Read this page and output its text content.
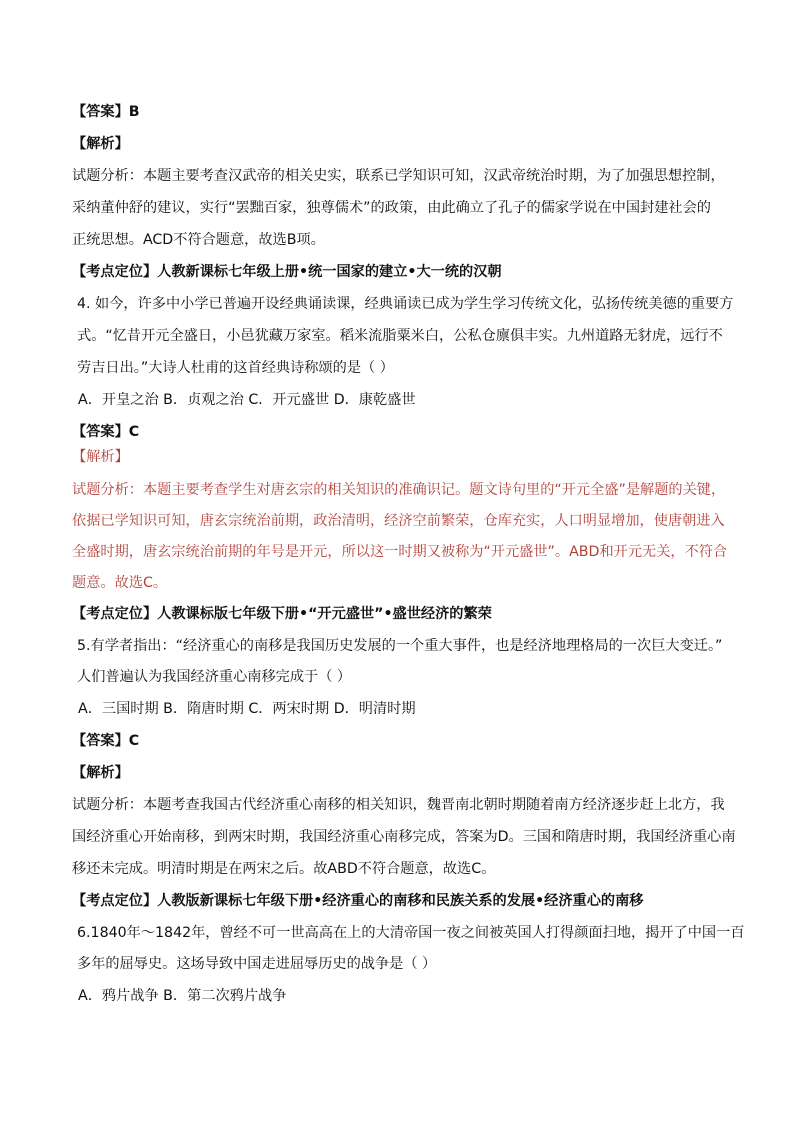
【答案】B
【解析】
试题分析：本题主要考查汉武帝的相关史实，联系已学知识可知，汉武帝统治时期，为了加强思想控制，
采纳董仲舒的建议，实行“罢黜百家，独尊儒术”的政策，由此确立了孔子的儒家学说在中国封建社会的
正统思想。ACD不符合题意，故选B项。
【考点定位】人教新课标七年级上册•统一国家的建立•大一统的汉朝
4. 如今，许多中小学已普遍开设经典诵读课，经典诵读已成为学生学习传统文化，弘扬传统美德的重要方
式。“忆昔开元全盛日，小邑犹藏万家室。稻米流脂粟米白，公私仓廪俱丰实。九州道路无豺虎，远行不
劳吉日出。”大诗人杜甫的这首经典诗称颂的是（ ）
A．开皇之治 B．贞观之治 C．开元盛世 D．康乾盛世
【答案】C
【解析】
试题分析：本题主要考查学生对唐玄宗的相关知识的准确识记。题文诗句里的“开元全盛”是解题的关键，
依据已学知识可知，唐玄宗统治前期，政治清明，经济空前繁荣，仓库充实，人口明显增加，使唐朝进入
全盛时期，唐玄宗统治前期的年号是开元，所以这一时期又被称为“开元盛世”。ABD和开元无关，不符合
题意。故选C。
【考点定位】人教课标版七年级下册•“开元盛世”•盛世经济的繁荣
5.有学者指出：“经济重心的南移是我国历史发展的一个重大事件，也是经济地理格局的一次巨大变迁。”
人们普遍认为我国经济重心南移完成于（ ）
A．三国时期 B．隋唐时期 C．两宋时期 D．明清时期
【答案】C
【解析】
试题分析：本题考查我国古代经济重心南移的相关知识，魏晋南北朝时期随着南方经济逐步赶上北方，我
国经济重心开始南移，到两宋时期，我国经济重心南移完成，答案为D。三国和隋唐时期，我国经济重心南
移还未完成。明清时期是在两宋之后。故ABD不符合题意，故选C。
【考点定位】人教版新课标七年级下册•经济重心的南移和民族关系的发展•经济重心的南移
6.1840年～1842年，曾经不可一世高高在上的大清帝国一夜之间被英国人打得颜面扫地，揭开了中国一百
多年的屈辱史。这场导致中国走进屈辱历史的战争是（ ）
A．鸦片战争 B．第二次鸦片战争
